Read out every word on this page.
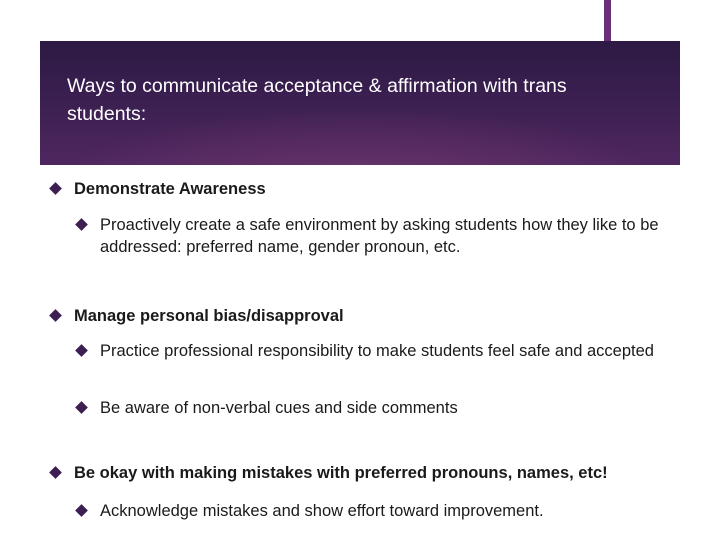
Ways to communicate acceptance & affirmation with trans students:
Demonstrate Awareness
Proactively create a safe environment by asking students how they like to be addressed: preferred name, gender pronoun, etc.
Manage personal bias/disapproval
Practice professional responsibility to make students feel safe and accepted
Be aware of non-verbal cues and side comments
Be okay with making mistakes with preferred pronouns, names, etc!
Acknowledge mistakes and show effort toward improvement.
